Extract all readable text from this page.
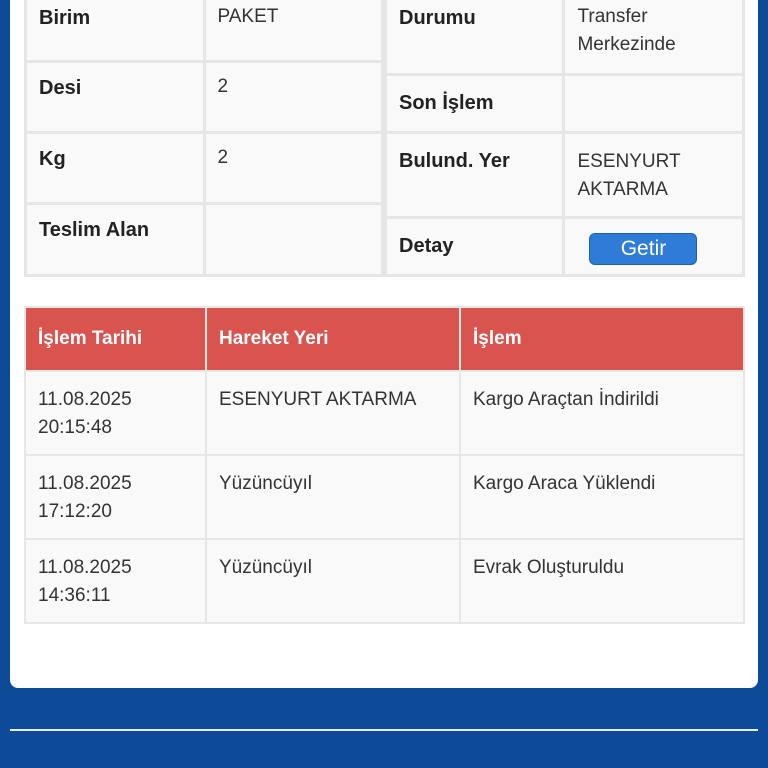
Birim	PAKET
Desi	2
Kg	2
Teslim Alan	
Durumu	Transfer
Merkezinde

Son İşlem	
Bulund. Yer	ESENYURT
AKTARMA

Detay	Getir
İşlem Tarihi	Hareket Yeri	İşlem

11.08.2025
20:15:48	ESENYURT AKTARMA	Kargo Araçtan İndirildi

11.08.2025
17:12:20	Yüzüncüyıl	Kargo Araca Yüklendi

11.08.2025
14:36:11	Yüzüncüyıl	Evrak Oluşturuldu
